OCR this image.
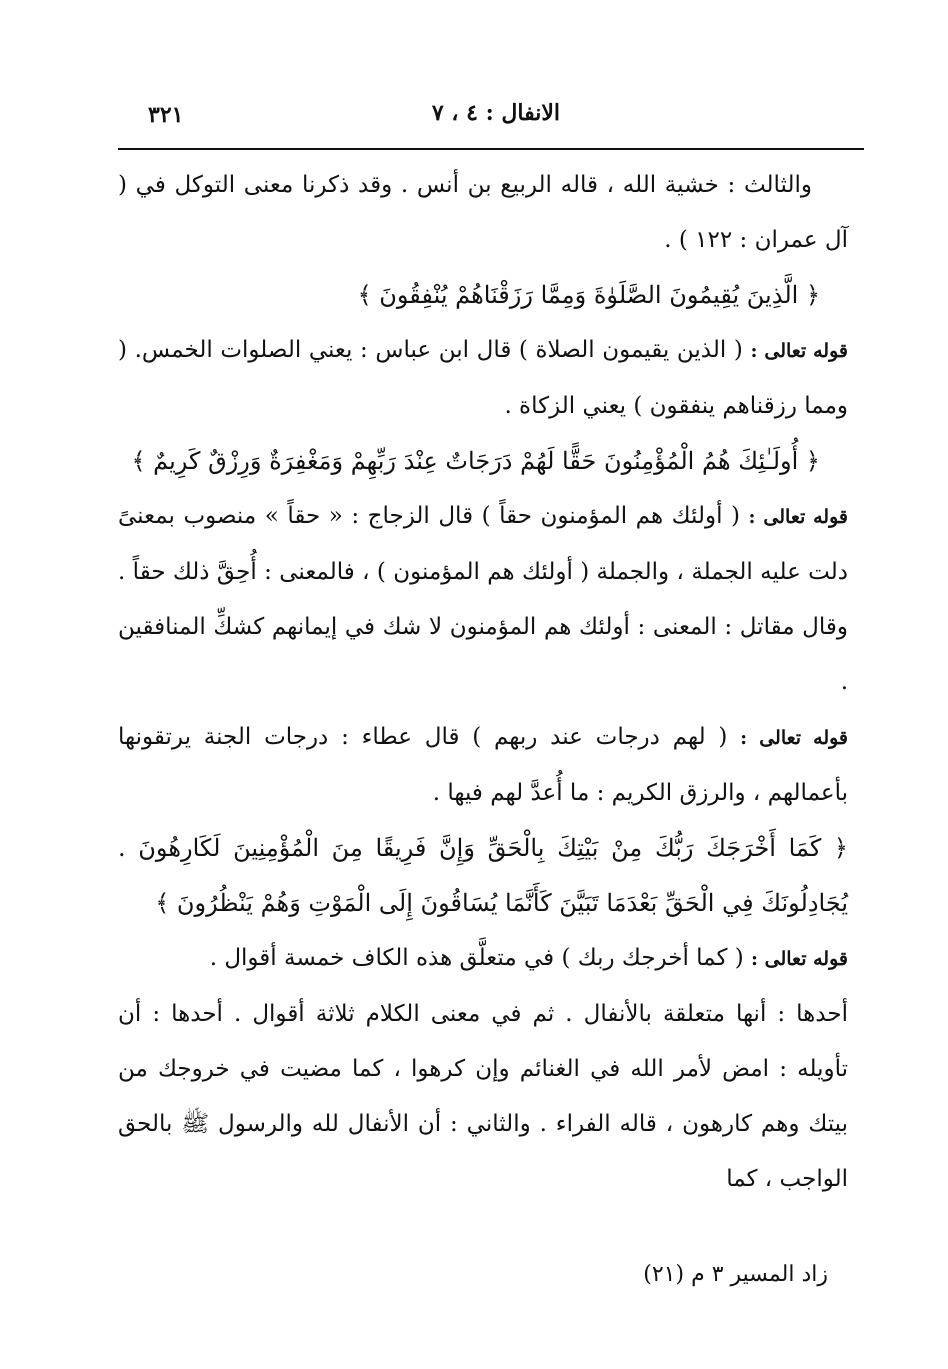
٣٢١	الانفال : ٤ ، ٧

والثالث : خشية الله ، قاله الربيع بن أنس . وقد ذكرنا معنى التوكل في ( آل عمران : ١٢٢ ) .

﴿ الَّذِينَ يُقِيمُونَ الصَّلَوٰةَ وَمِمَّا رَزَقْنَاهُمْ يُنْفِقُونَ ﴾

قوله تعالى : ( الذين يقيمون الصلاة ) قال ابن عباس : يعني الصلوات الخمس. ( ومما رزقناهم ينفقون ) يعني الزكاة .

﴿ أُولَـٰئِكَ هُمُ الْمُؤْمِنُونَ حَقًّا لَهُمْ دَرَجَاتٌ عِنْدَ رَبِّهِمْ وَمَغْفِرَةٌ وَرِزْقٌ كَرِيمٌ ﴾

قوله تعالى : ( أولئك هم المؤمنون حقاً ) قال الزجاج : « حقاً » منصوب بمعنىً دلت عليه الجملة ، والجملة ( أولئك هم المؤمنون ) ، فالمعنى : أُحِقَّ ذلك حقاً . وقال مقاتل : المعنى : أولئك هم المؤمنون لا شك في إيمانهم كشكِّ المنافقين .

قوله تعالى : ( لهم درجات عند ربهم ) قال عطاء : درجات الجنة يرتقونها بأعمالهم ، والرزق الكريم : ما أُعدَّ لهم فيها .

﴿ كَمَا أَخْرَجَكَ رَبُّكَ مِنْ بَيْتِكَ بِالْحَقِّ وَإِنَّ فَرِيقًا مِنَ الْمُؤْمِنِينَ لَكَارِهُونَ . يُجَادِلُونَكَ فِي الْحَقِّ بَعْدَمَا تَبَيَّنَ كَأَنَّمَا يُسَاقُونَ إِلَى الْمَوْتِ وَهُمْ يَنْظُرُونَ ﴾

قوله تعالى : ( كما أخرجك ربك ) في متعلَّق هذه الكاف خمسة أقوال .

أحدها : أنها متعلقة بالأنفال . ثم في معنى الكلام ثلاثة أقوال . أحدها : أن تأويله : امض لأمر الله في الغنائم وإن كرهوا ، كما مضيت في خروجك من بيتك وهم كارهون ، قاله الفراء . والثاني : أن الأنفال لله والرسول ﷺ بالحق الواجب ، كما

زاد المسير ٣ م (٢١)
